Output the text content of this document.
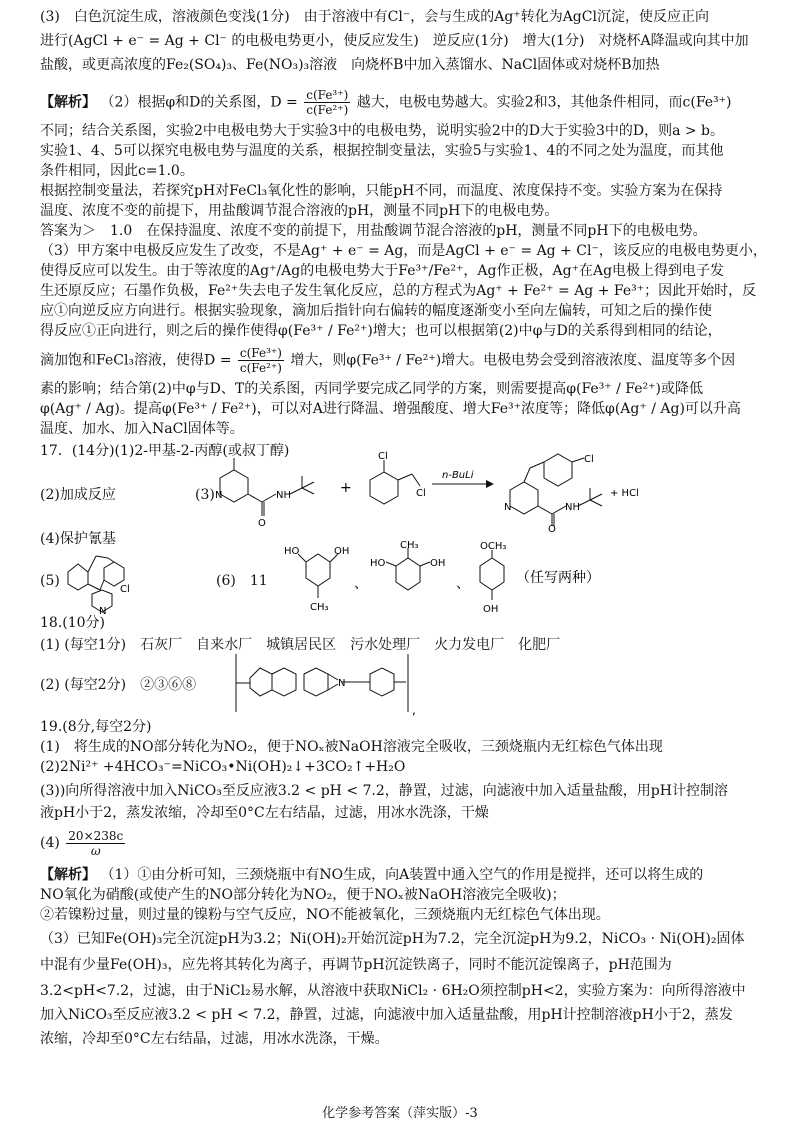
(3)　白色沉淀生成，溶液颜色变浅(1分)　由于溶液中有Cl⁻，会与生成的Ag⁺转化为AgCl沉淀，使反应正向
进行(AgCl + e⁻ = Ag + Cl⁻ 的电极电势更小，使反应发生)　逆反应(1分)　增大(1分)　对烧杯A降温或向其中加
盐酸，或更高浓度的Fe₂(SO₄)₃、Fe(NO₃)₃溶液　向烧杯B中加入蒸馏水、NaCl固体或对烧杯B加热
【解析】 （2）根据φ和D的关系图，$D = \frac{\text{c(Fe³⁺)}}{\text{c(Fe²⁺)}}$ 越大，电极电势越大。实验2和3，其他条件相同，而c(Fe³⁺)
不同；结合关系图，实验2中电极电势大于实验3中的电极电势，说明实验2中的D大于实验3中的D，则a > b。
实验1、4、5可以探究电极电势与温度的关系，根据控制变量法，实验5与实验1、4的不同之处为温度，而其他
条件相同，因此c=1.0。
根据控制变量法，若探究pH对FeCl₃氧化性的影响，只能pH不同，而温度、浓度保持不变。实验方案为在保持
温度、浓度不变的前提下，用盐酸调节混合溶液的pH，测量不同pH下的电极电势。
答案为＞　1.0　在保持温度、浓度不变的前提下，用盐酸调节混合溶液的pH，测量不同pH下的电极电势。
（3）甲方案中电极反应发生了改变，不是Ag⁺ + e⁻ = Ag，而是AgCl + e⁻ = Ag + Cl⁻，该反应的电极电势更小，
使得反应可以发生。由于等浓度的Ag⁺/Ag的电极电势大于Fe³⁺/Fe²⁺，Ag作正极，Ag⁺在Ag电极上得到电子发
生还原反应；石墨作负极，Fe²⁺失去电子发生氧化反应，总的方程式为Ag⁺ + Fe²⁺ = Ag + Fe³⁺；因此开始时，反
应①向逆反应方向进行。根据实验现象，滴加后指针向右偏转的幅度逐渐变小至向左偏转，可知之后的操作使
得反应①正向进行，则之后的操作使得φ(Fe³⁺ / Fe²⁺)增大；也可以根据第(2)中φ与D的关系得到相同的结论，
滴加饱和FeCl₃溶液，使得$D = \frac{\text{c(Fe³⁺)}}{\text{c(Fe²⁺)}}$ 增大，则φ(Fe³⁺ / Fe²⁺)增大。电极电势会受到溶液浓度、温度等多个因
素的影响；结合第(2)中φ与D、T的关系图，丙同学要完成乙同学的方案，则需要提高φ(Fe³⁺ / Fe²⁺)或降低
φ(Ag⁺ / Ag)。提高φ(Fe³⁺ / Fe²⁺)，可以对A进行降温、增强酸度、增大Fe³⁺浓度等；降低φ(Ag⁺ / Ag)可以升高
温度、加水、加入NaCl固体等。
17．(14分)(1)2-甲基-2-丙醇(或叔丁醇)
(2)加成反应	(3) N
O
NH	+
Cl
Cl
n-BuLi
Cl
N
O
NH
+ HCl
(4)保护氰基
(5)
Cl
N
(6)　11
HO	OH
CH₃
、
CH₃
HO	OH
、
OCH₃
OH
（任写两种）
18.(10分)
(1) (每空1分)　石灰厂　自来水厂　城镇居民区　污水处理厂　火力发电厂　化肥厂
(2) (每空2分)　②③⑥⑧	N
,
19.(8分,每空2分)
(1)　将生成的NO部分转化为NO₂，便于NOₓ被NaOH溶液完全吸收，三颈烧瓶内无红棕色气体出现
(2)2Ni²⁺ +4HCO₃⁻=NiCO₃•Ni(OH)₂↓+3CO₂↑+H₂O
(3))向所得溶液中加入NiCO₃至反应液3.2 < pH < 7.2，静置，过滤，向滤液中加入适量盐酸，用pH计控制溶
液pH小于2，蒸发浓缩，冷却至0°C左右结晶，过滤，用冰水洗涤，干燥
$(4) \frac{20\times 238c}{\omega}$
【解析】 （1）①由分析可知，三颈烧瓶中有NO生成，向A装置中通入空气的作用是搅拌，还可以将生成的
NO氧化为硝酸(或使产生的NO部分转化为NO₂，便于NOₓ被NaOH溶液完全吸收)；
②若镍粉过量，则过量的镍粉与空气反应，NO不能被氧化，三颈烧瓶内无红棕色气体出现。
（3）已知Fe(OH)₃完全沉淀pH为3.2；Ni(OH)₂开始沉淀pH为7.2，完全沉淀pH为9.2，NiCO₃ · Ni(OH)₂固体
中混有少量Fe(OH)₃，应先将其转化为离子，再调节pH沉淀铁离子，同时不能沉淀镍离子，pH范围为
3.2<pH<7.2，过滤，由于NiCl₂易水解，从溶液中获取NiCl₂ · 6H₂O须控制pH<2，实验方案为：向所得溶液中
加入NiCO₃至反应液3.2 < pH < 7.2，静置，过滤，向滤液中加入适量盐酸，用pH计控制溶液pH小于2，蒸发
浓缩，冷却至0°C左右结晶，过滤，用冰水洗涤，干燥。
化学参考答案（萍实版）-3
